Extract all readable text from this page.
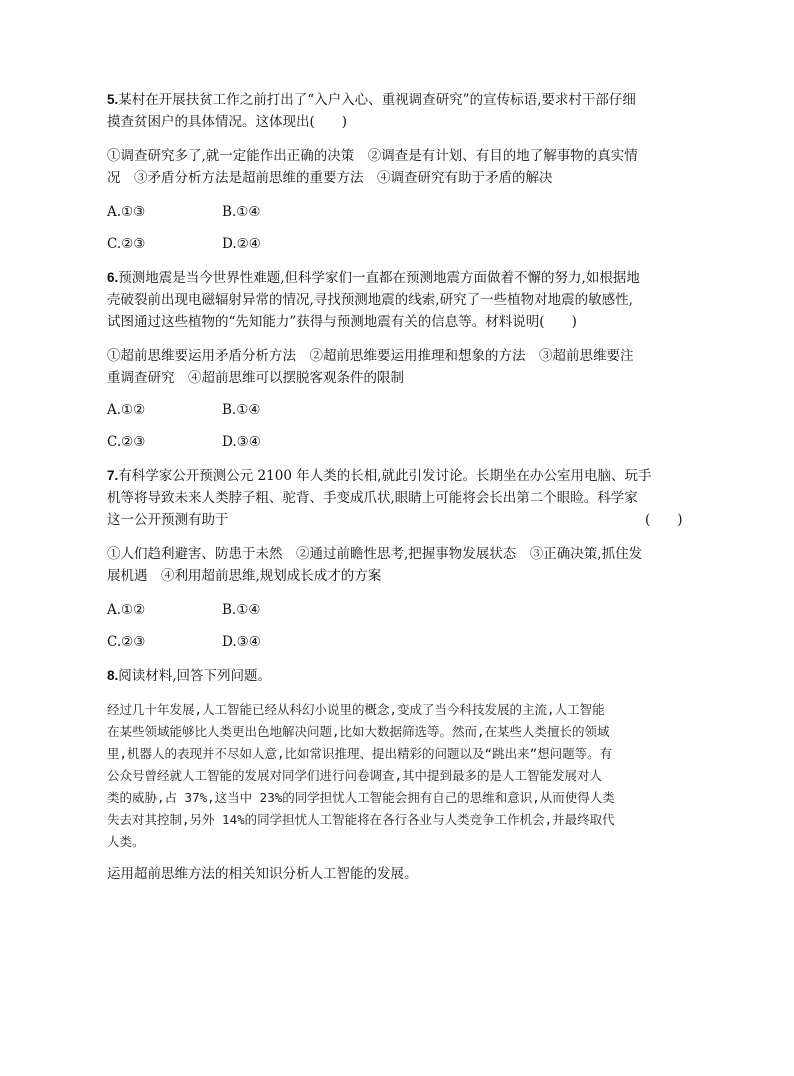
5.某村在开展扶贫工作之前打出了“入户入心、重视调查研究”的宣传标语,要求村干部仔细
摸查贫困户的具体情况。这体现出(　　)
①调查研究多了,就一定能作出正确的决策　②调查是有计划、有目的地了解事物的真实情
况　③矛盾分析方法是超前思维的重要方法　④调查研究有助于矛盾的解决
A.①③	B.①④
C.②③	D.②④
6.预测地震是当今世界性难题,但科学家们一直都在预测地震方面做着不懈的努力,如根据地
壳破裂前出现电磁辐射异常的情况,寻找预测地震的线索,研究了一些植物对地震的敏感性,
试图通过这些植物的“先知能力”获得与预测地震有关的信息等。材料说明(　　)
①超前思维要运用矛盾分析方法　②超前思维要运用推理和想象的方法　③超前思维要注
重调查研究　④超前思维可以摆脱客观条件的限制
A.①②	B.①④
C.②③	D.③④
7.有科学家公开预测公元 2100 年人类的长相,就此引发讨论。长期坐在办公室用电脑、玩手
机等将导致未来人类脖子粗、驼背、手变成爪状,眼睛上可能将会长出第二个眼睑。科学家
这一公开预测有助于	(　　)
①人们趋利避害、防患于未然　②通过前瞻性思考,把握事物发展状态　③正确决策,抓住发
展机遇　④利用超前思维,规划成长成才的方案
A.①②	B.①④
C.②③	D.③④
8.阅读材料,回答下列问题。
经过几十年发展,人工智能已经从科幻小说里的概念,变成了当今科技发展的主流,人工智能
在某些领域能够比人类更出色地解决问题,比如大数据筛选等。然而,在某些人类擅长的领域
里,机器人的表现并不尽如人意,比如常识推理、提出精彩的问题以及“跳出来”想问题等。有
公众号曾经就人工智能的发展对同学们进行问卷调查,其中提到最多的是人工智能发展对人
类的威胁,占 37%,这当中 23%的同学担忧人工智能会拥有自己的思维和意识,从而使得人类
失去对其控制,另外 14%的同学担忧人工智能将在各行各业与人类竞争工作机会,并最终取代
人类。
运用超前思维方法的相关知识分析人工智能的发展。
